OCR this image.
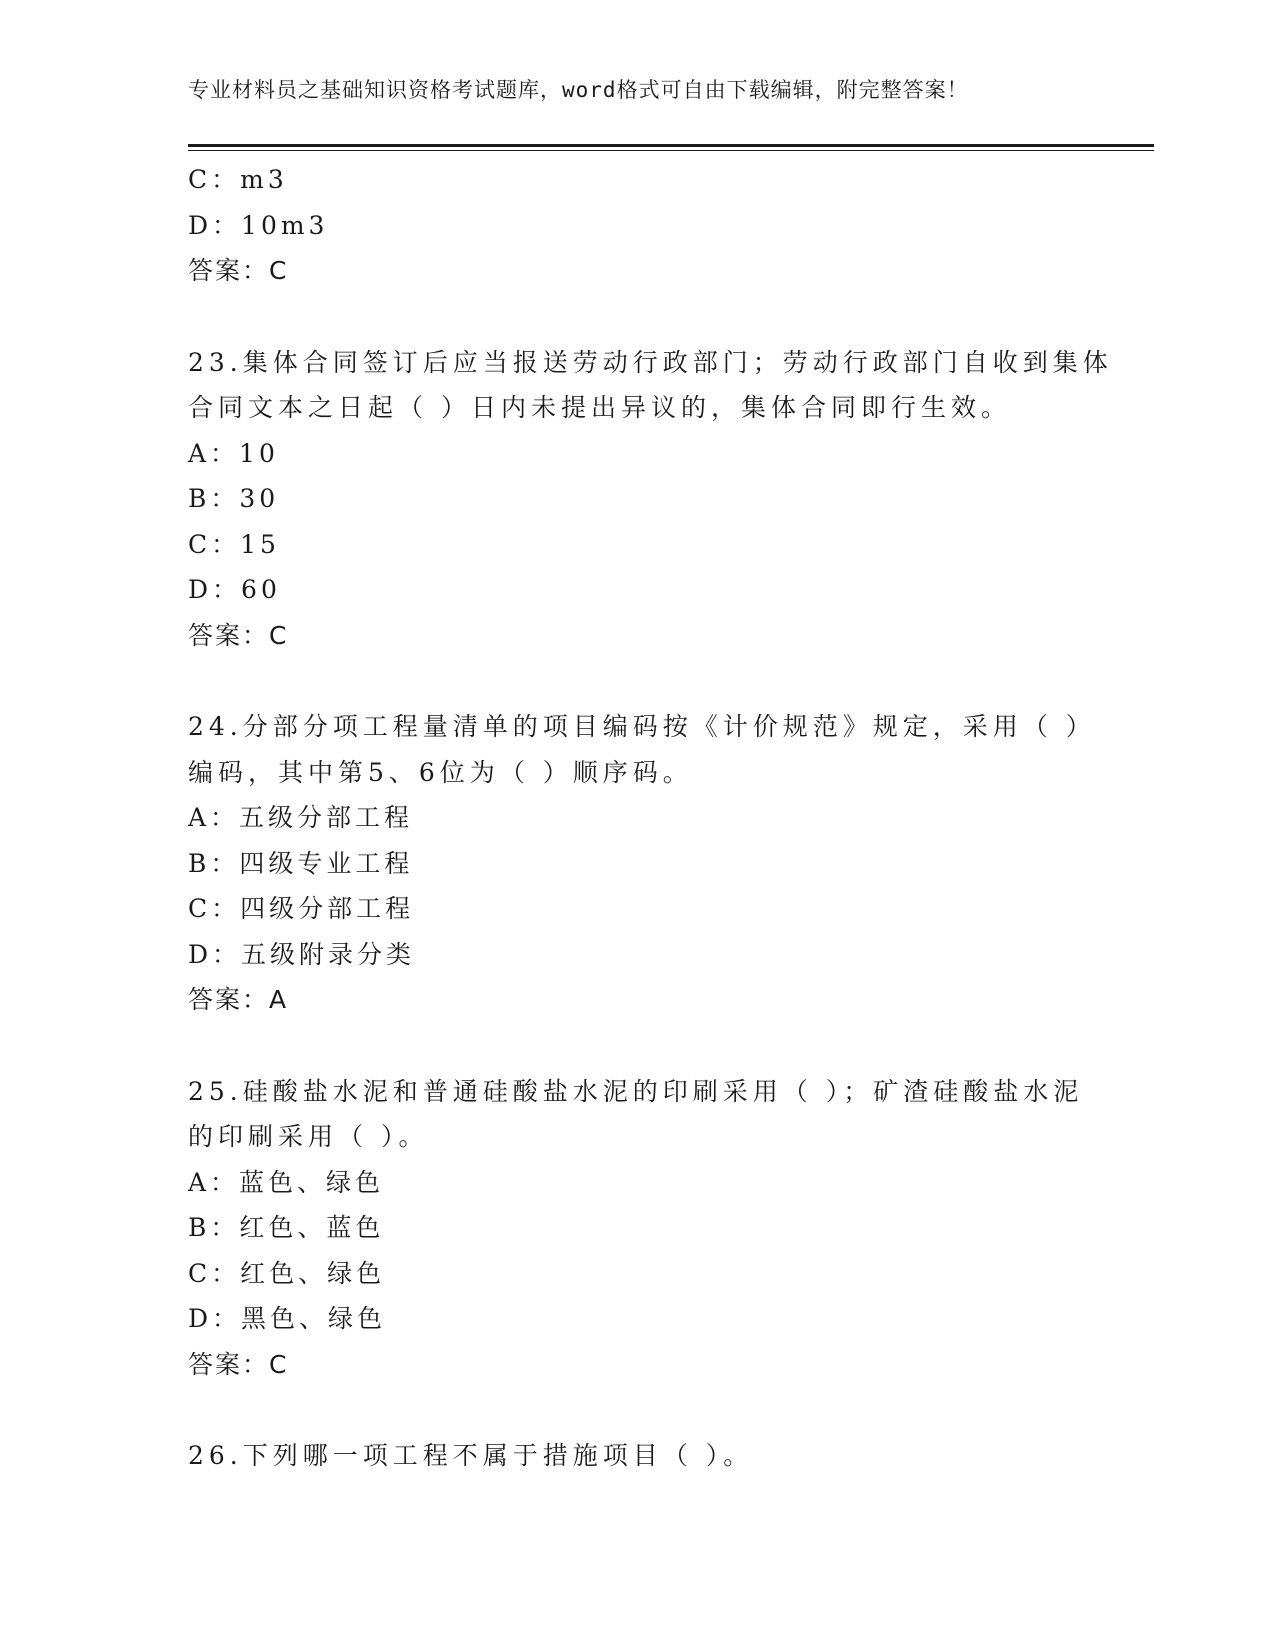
专业材料员之基础知识资格考试题库，word格式可自由下载编辑，附完整答案！
C：m3
D：10m3
答案：C
23.集体合同签订后应当报送劳动行政部门；劳动行政部门自收到集体
合同文本之日起（ ）日内未提出异议的，集体合同即行生效。
A：10
B：30
C：15
D：60
答案：C
24.分部分项工程量清单的项目编码按《计价规范》规定，采用（ ）
编码，其中第5、6位为（ ）顺序码。
A：五级分部工程
B：四级专业工程
C：四级分部工程
D：五级附录分类
答案：A
25.硅酸盐水泥和普通硅酸盐水泥的印刷采用（ ）；矿渣硅酸盐水泥
的印刷采用（ ）。
A：蓝色、绿色
B：红色、蓝色
C：红色、绿色
D：黑色、绿色
答案：C
26.下列哪一项工程不属于措施项目（ ）。
